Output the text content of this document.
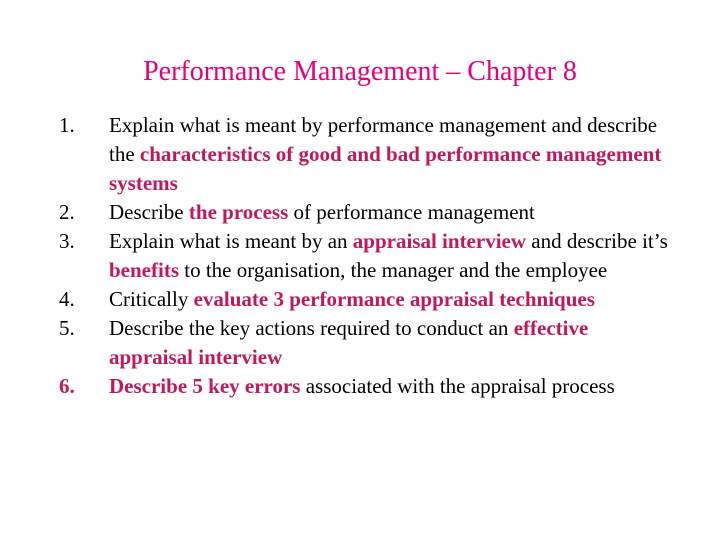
Performance Management – Chapter 8
1. Explain what is meant by performance management and describe the characteristics of good and bad performance management systems
2. Describe the process of performance management
3. Explain what is meant by an appraisal interview and describe it’s benefits to the organisation, the manager and the employee
4. Critically evaluate 3 performance appraisal techniques
5. Describe the key actions required to conduct an effective appraisal interview
6. Describe 5 key errors associated with the appraisal process
